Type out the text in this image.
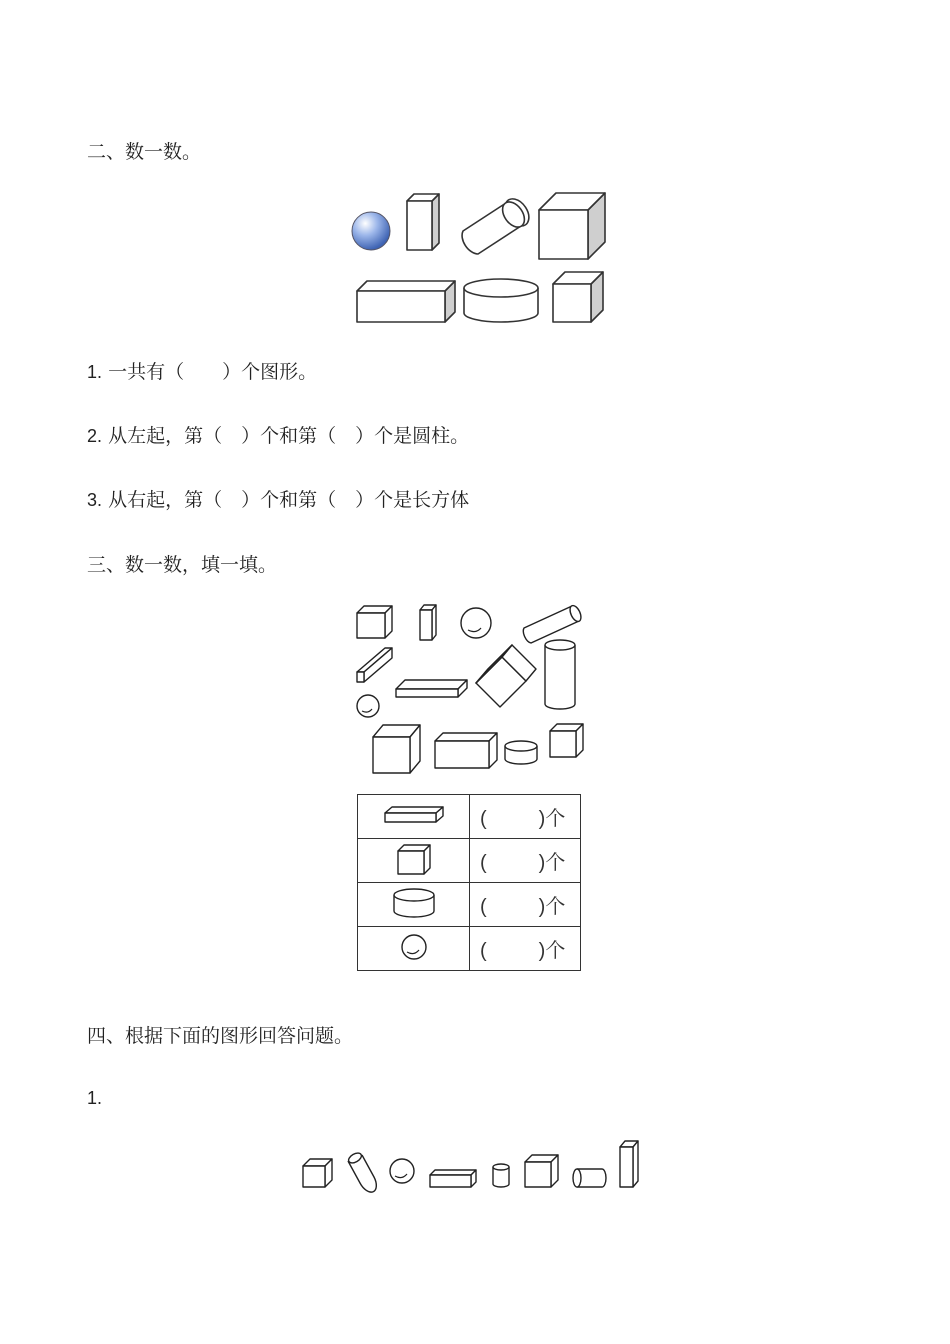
二、数一数。
1. 一共有（　　）个图形。
2. 从左起，第（　）个和第（　）个是圆柱。
3. 从右起，第（　）个和第（　）个是长方体
三、数一数，填一填。
	( )个
	( )个
	( )个
	( )个
四、根据下面的图形回答问题。
1.
